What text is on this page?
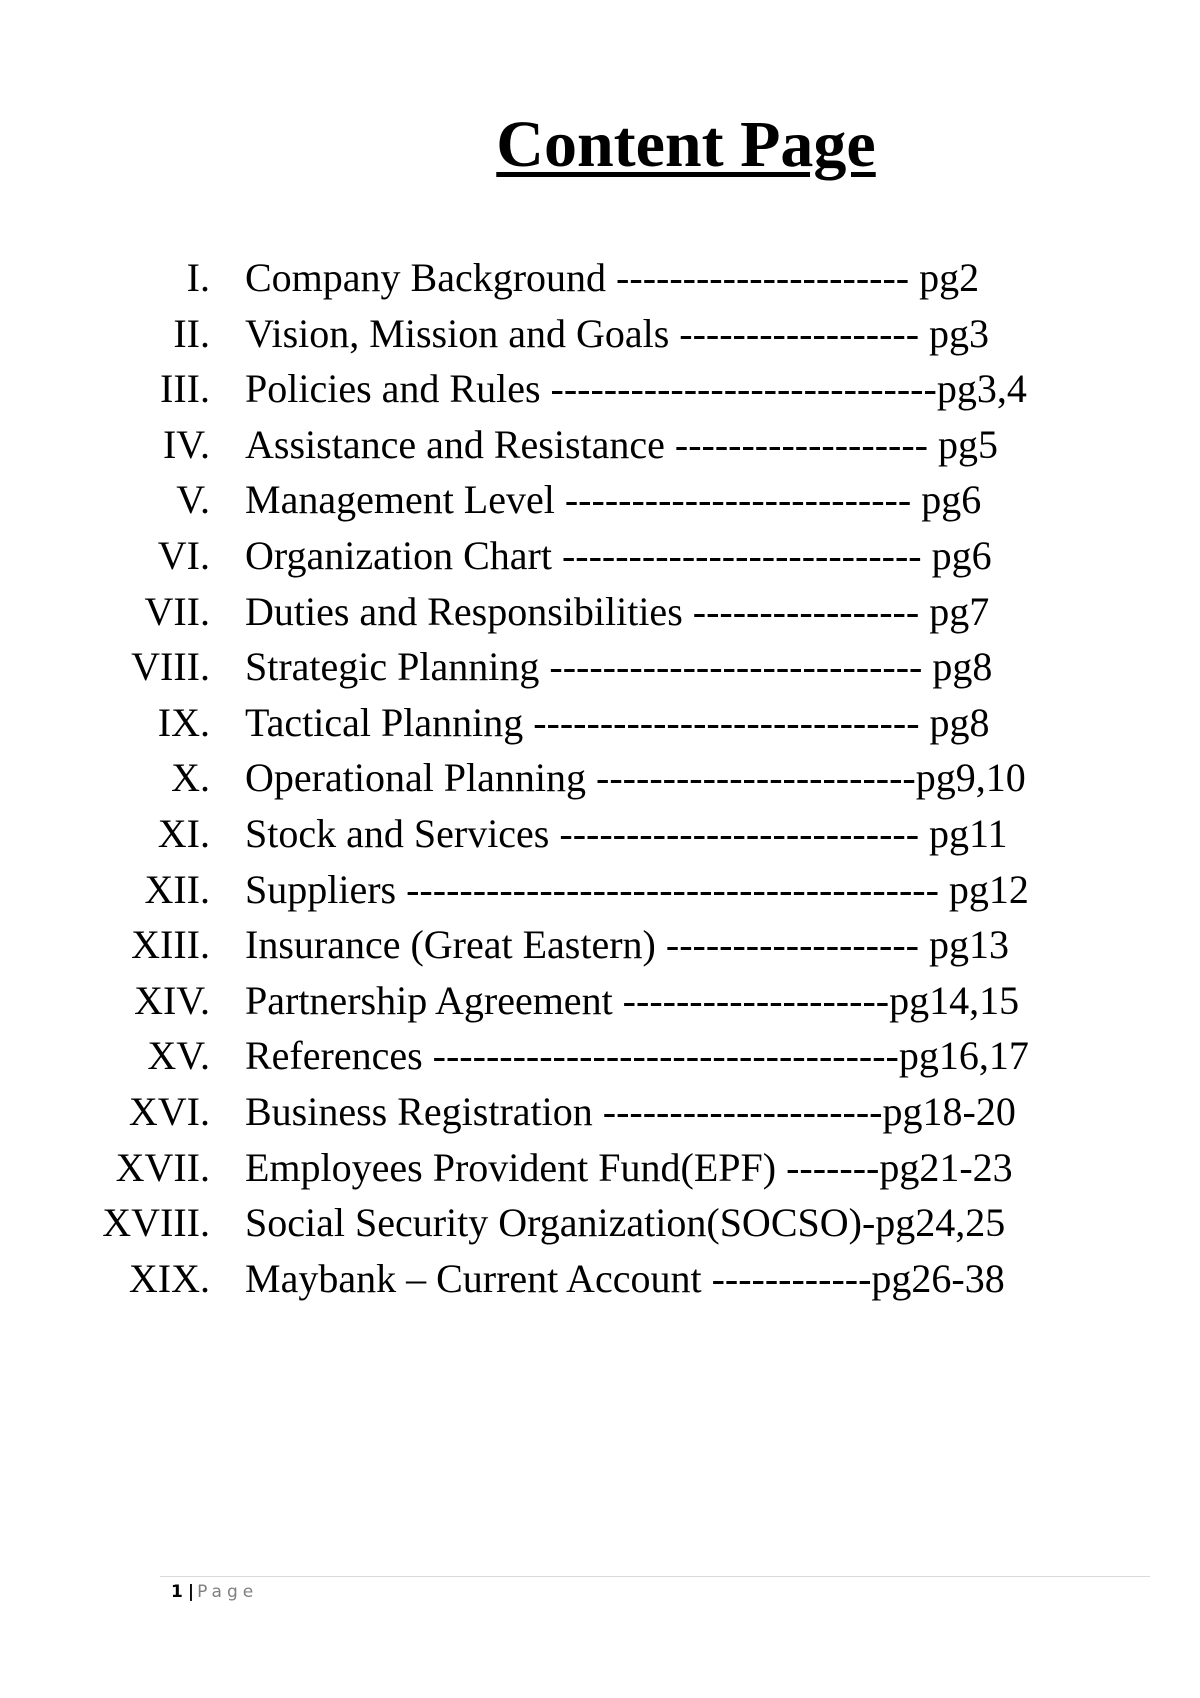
Content Page
I. Company Background ---------------------- pg2
II. Vision, Mission and Goals ------------------ pg3
III. Policies and Rules -----------------------------pg3,4
IV. Assistance and Resistance ------------------- pg5
V. Management Level -------------------------- pg6
VI. Organization Chart --------------------------- pg6
VII. Duties and Responsibilities ----------------- pg7
VIII. Strategic Planning ---------------------------- pg8
IX. Tactical Planning ----------------------------- pg8
X. Operational Planning ------------------------pg9,10
XI. Stock and Services --------------------------- pg11
XII. Suppliers ---------------------------------------- pg12
XIII. Insurance (Great Eastern) ------------------- pg13
XIV. Partnership Agreement --------------------pg14,15
XV. References -----------------------------------pg16,17
XVI. Business Registration ---------------------pg18-20
XVII. Employees Provident Fund(EPF) -------pg21-23
XVIII. Social Security Organization(SOCSO)-pg24,25
XIX. Maybank – Current Account ------------pg26-38
1 | Page
